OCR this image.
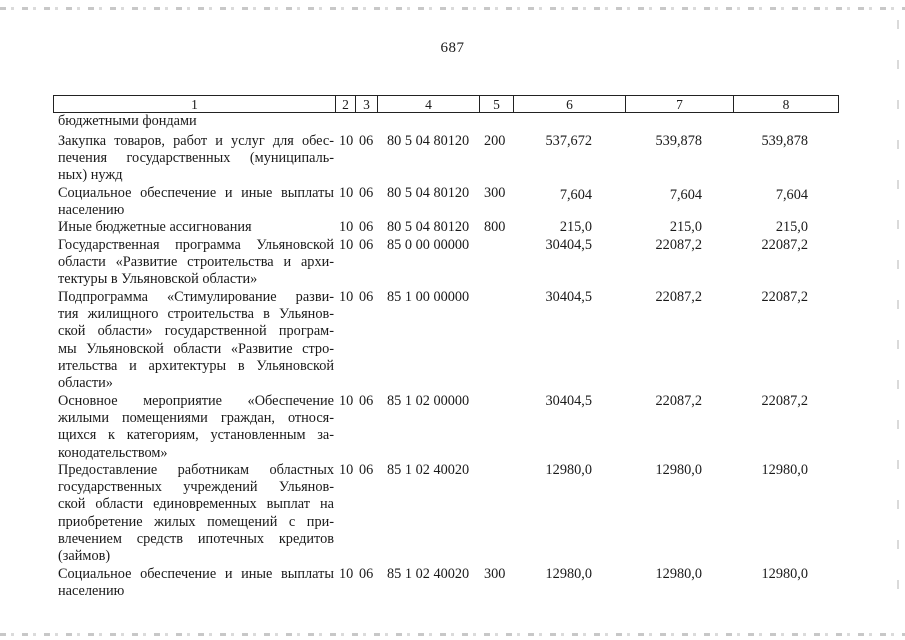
687
1	2	3	4	5	6	7	8
бюджетными фондами
Закупка товаров, работ и услуг для обес-
печения государственных (муниципаль-
ных) нужд
10 06 80 5 04 80120 200	537,672	539,878	539,878
Социальное обеспечение и иные выплаты
населению
10 06 80 5 04 80120 300	7,604	7,604	7,604
Иные бюджетные ассигнования	10 06 80 5 04 80120 800	215,0	215,0	215,0
Государственная программа Ульяновской
области «Развитие строительства и архи-
тектуры в Ульяновской области»
10 06 85 0 00 00000	30404,5	22087,2	22087,2
Подпрограмма «Стимулирование разви-
тия жилищного строительства в Ульянов-
ской области» государственной програм-
мы Ульяновской области «Развитие стро-
ительства и архитектуры в Ульяновской
области»
10 06 85 1 00 00000	30404,5	22087,2	22087,2
Основное мероприятие «Обеспечение
жилыми помещениями граждан, относя-
щихся к категориям, установленным за-
конодательством»
10 06 85 1 02 00000	30404,5	22087,2	22087,2
Предоставление работникам областных
государственных учреждений Ульянов-
ской области единовременных выплат на
приобретение жилых помещений с при-
влечением средств ипотечных кредитов
(займов)
10 06 85 1 02 40020	12980,0	12980,0	12980,0
Социальное обеспечение и иные выплаты
населению
10 06 85 1 02 40020 300	12980,0	12980,0	12980,0
